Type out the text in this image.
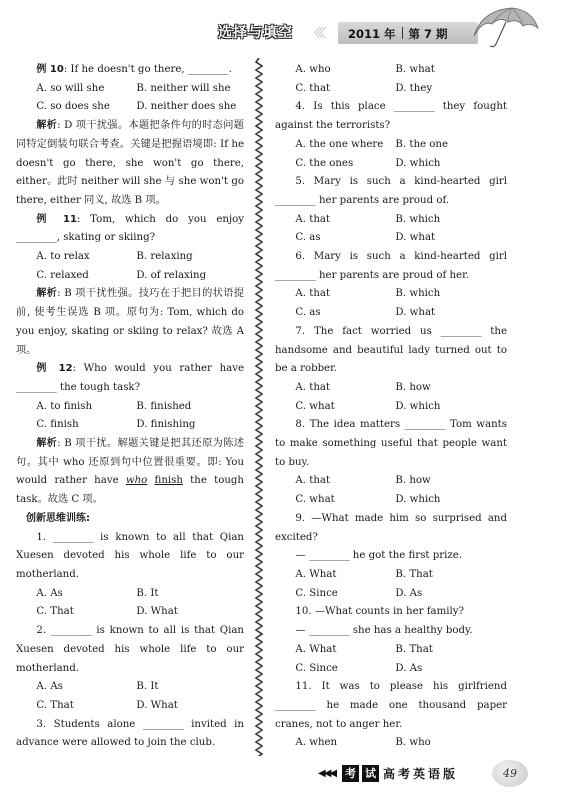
选择与填空 〈〈〈 2011 年 第 7 期

例 10: If he doesn't go there, ________.

A. so will she	B. neither will she
C. so does she	D. neither does she

解析: D 项干扰强。本题把条件句的时态问题同特定倒装句联合考查。关键是把握语境即: If he doesn't go there, she won't go there, either。此时 neither will she 与 she won't go there, either 同义, 故选 B 项。

例 11: Tom, which do you enjoy ________, skating or skiing?

A. to relax	B. relaxing
C. relaxed	D. of relaxing

解析: B 项干扰性强。技巧在于把目的状语提前, 使考生误选 B 项。原句为: Tom, which do you enjoy, skating or skiing to relax? 故选 A 项。

例 12: Who would you rather have ________ the tough task?

A. to finish	B. finished
C. finish	D. finishing

解析: B 项干扰。解题关键是把其还原为陈述句。其中 who 还原到句中位置很重要。即: You would rather have who finish the tough task。故选 C 项。

创新思维训练:

1. ________ is known to all that Qian Xuesen devoted his whole life to our motherland.

A. As	B. It
C. That	D. What

2. ________ is known to all is that Qian Xuesen devoted his whole life to our motherland.

A. As	B. It
C. That	D. What

3. Students alone ________ invited in advance were allowed to join the club.

A. who	B. what
C. that	D. they

4. Is this place ________ they fought against the terrorists?

A. the one where	B. the one
C. the ones	D. which

5. Mary is such a kind-hearted girl ________ her parents are proud of.

A. that	B. which
C. as	D. what

6. Mary is such a kind-hearted girl ________ her parents are proud of her.

A. that	B. which
C. as	D. what

7. The fact worried us ________ the handsome and beautiful lady turned out to be a robber.

A. that	B. how
C. what	D. which

8. The idea matters ________ Tom wants to make something useful that people want to buy.

A. that	B. how
C. what	D. which

9. —What made him so surprised and excited?

— ________ he got the first prize.

A. What	B. That
C. Since	D. As

10. —What counts in her family?

— ________ she has a healthy body.

A. What	B. That
C. Since	D. As

11. It was to please his girlfriend ________ he made one thousand paper cranes, not to anger her.

A. when	B. who
◀◀◀ 考 试 高考英语版	49
